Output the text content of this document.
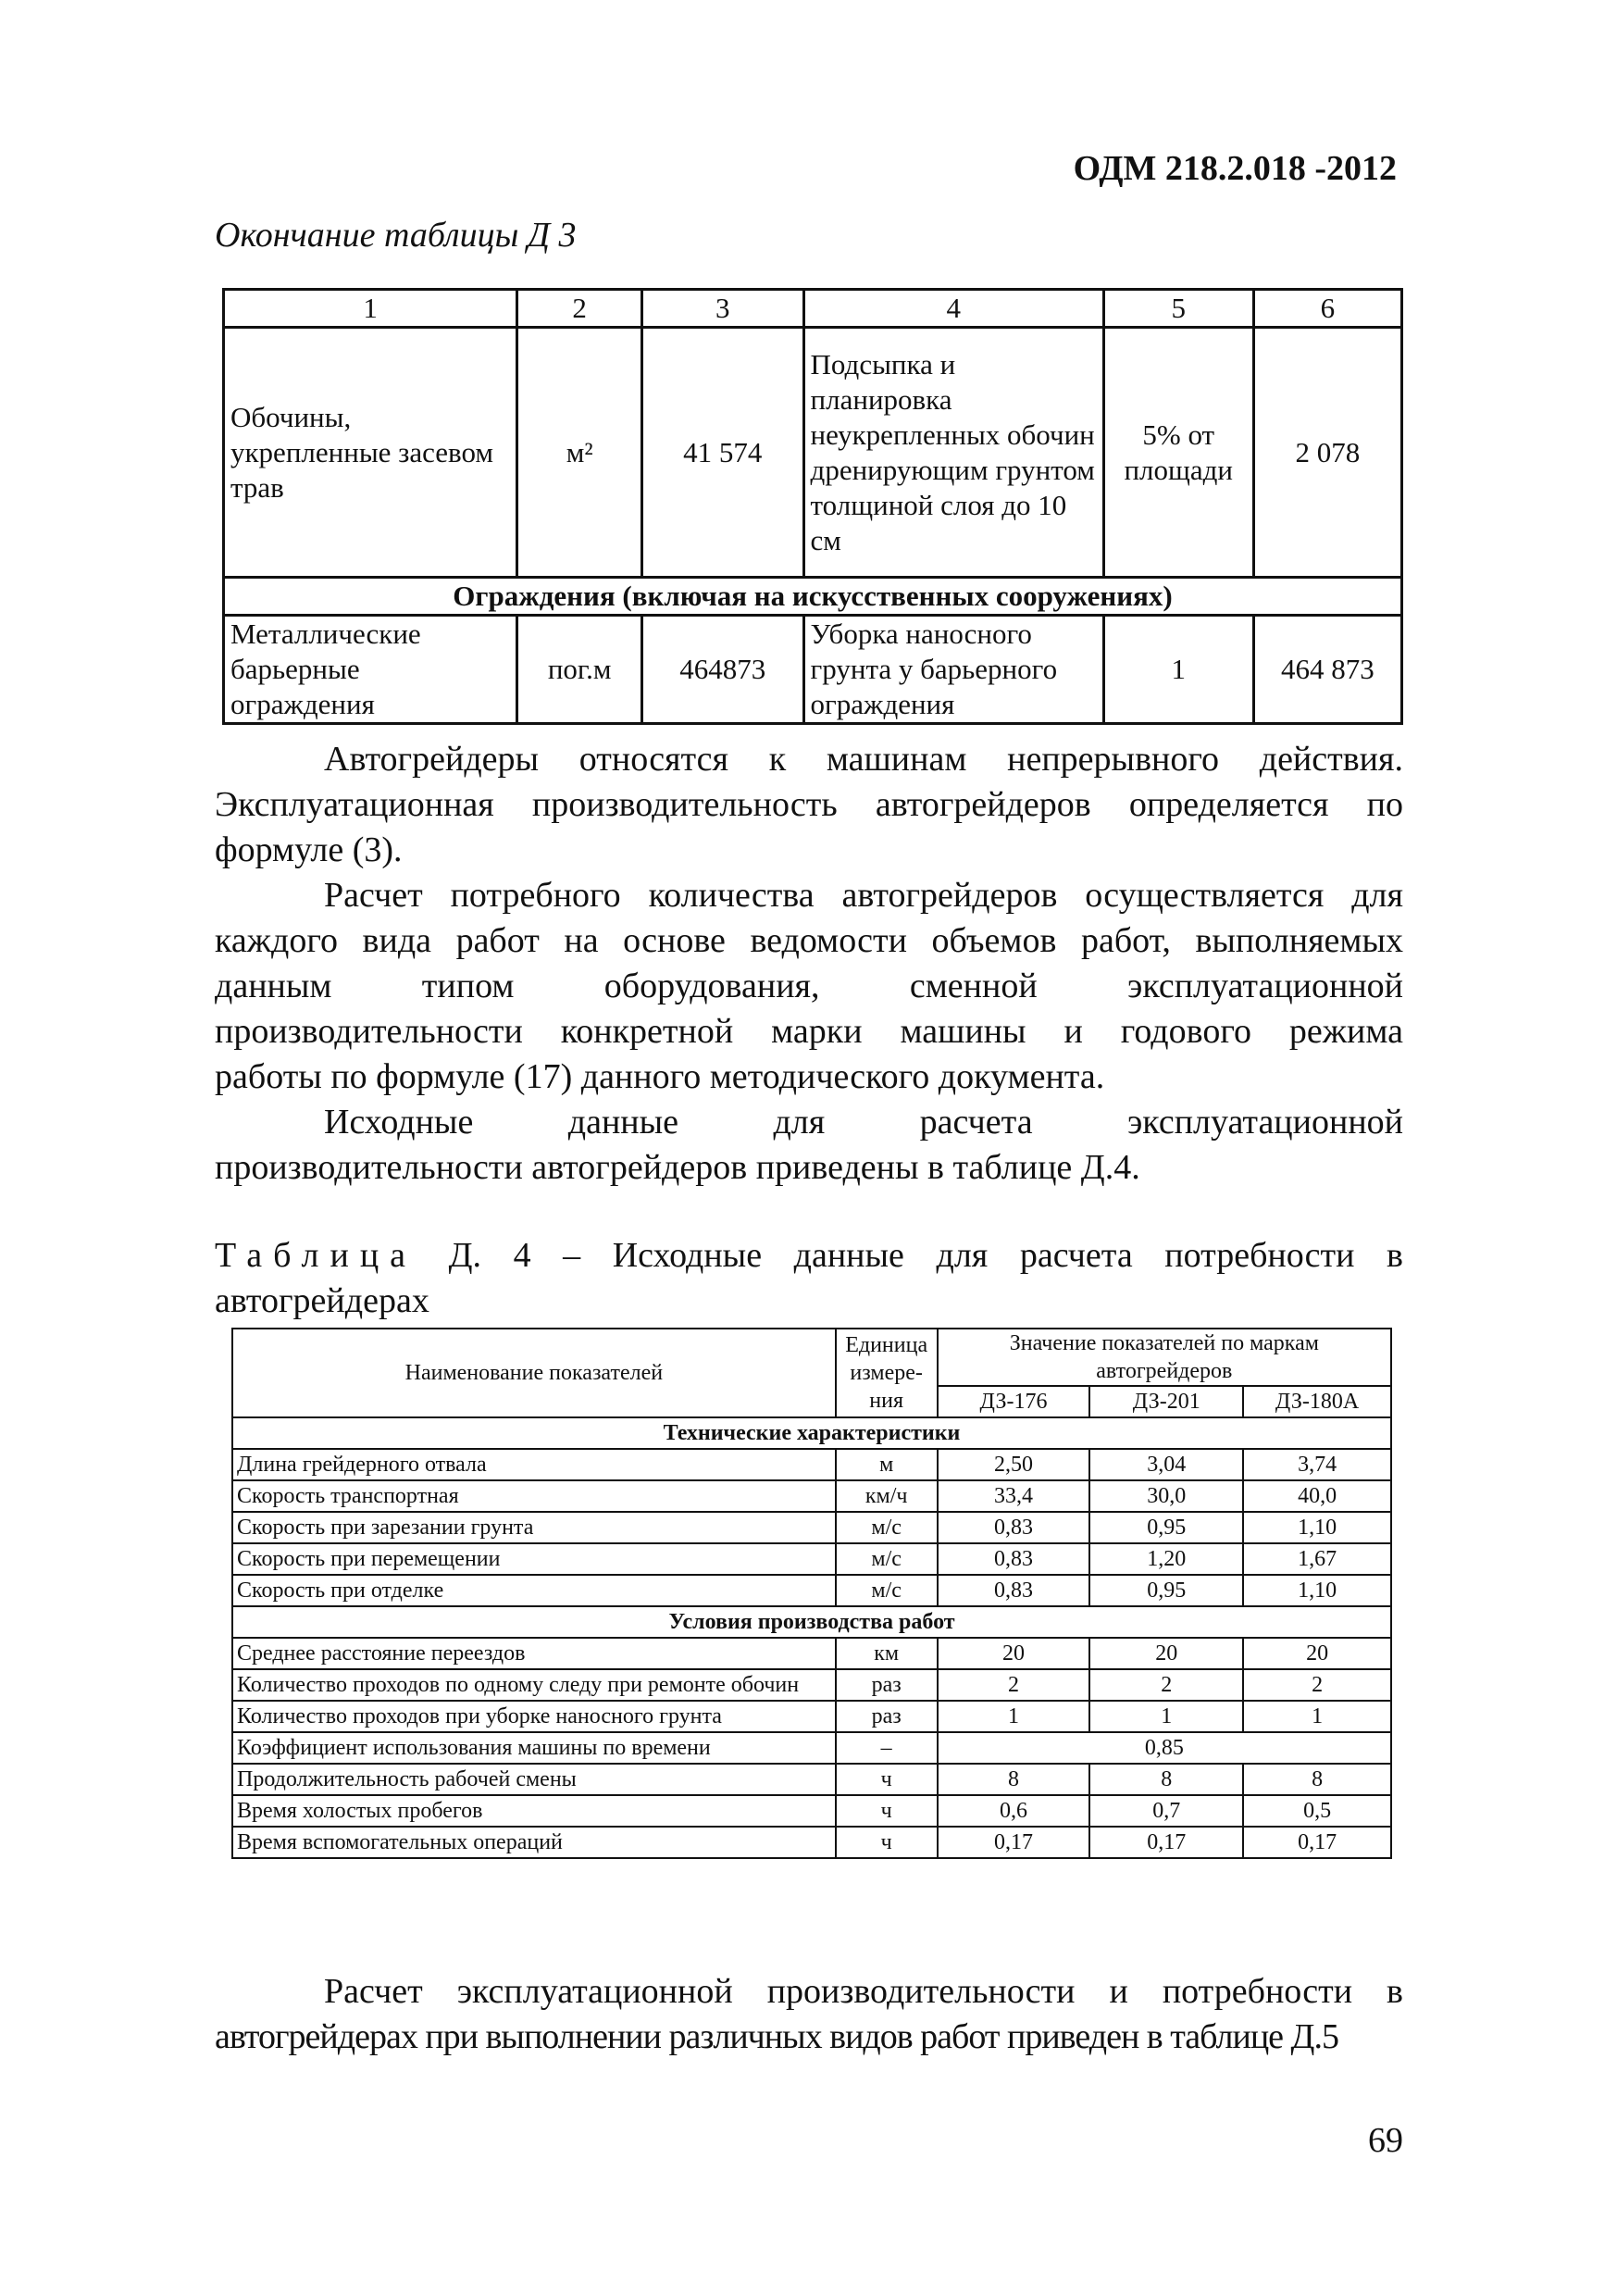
ОДМ 218.2.018 -2012
Окончание таблицы Д 3
1	2	3	4	5	6
Обочины, укрепленные засевом трав	м²	41 574	Подсыпка и планировка неукрепленных обочин дренирующим грунтом толщиной слоя до 10 см	5% от площади	2 078
Ограждения (включая на искусственных сооружениях)					
Металлические барьерные ограждения	пог.м	464873	Уборка наносного грунта у барьерного ограждения	1	464 873
Автогрейдеры относятся к машинам непрерывного действия.
Эксплуатационная производительность автогрейдеров определяется по
формуле (3).
Расчет потребного количества автогрейдеров осуществляется для
каждого вида работ на основе ведомости объемов работ, выполняемых
данным типом оборудования, сменной эксплуатационной
производительности конкретной марки машины и годового режима
работы по формуле (17) данного методического документа.
Исходные данные для расчета эксплуатационной
производительности автогрейдеров приведены в таблице Д.4.
Таблица Д. 4 – Исходные данные для расчета потребности в
автогрейдерах
Наименование показателей	Единица измере-ния	Значение показателей по маркам автогрейдеров		
		ДЗ-176	ДЗ-201	ДЗ-180А
Технические характеристики				
Длина грейдерного отвала	м	2,50	3,04	3,74
Скорость транспортная	км/ч	33,4	30,0	40,0
Скорость при зарезании грунта	м/с	0,83	0,95	1,10
Скорость при перемещении	м/с	0,83	1,20	1,67
Скорость при отделке	м/с	0,83	0,95	1,10
Условия производства работ				
Среднее расстояние переездов	км	20	20	20
Количество проходов по одному следу при ремонте обочин	раз	2	2	2
Количество проходов при уборке наносного грунта	раз	1	1	1
Коэффициент использования машины по времени	–	0,85		
Продолжительность рабочей смены	ч	8	8	8
Время холостых пробегов	ч	0,6	0,7	0,5
Время вспомогательных операций	ч	0,17	0,17	0,17
Расчет эксплуатационной производительности и потребности в
автогрейдерах при выполнении различных видов работ приведен в таблице Д.5
69
